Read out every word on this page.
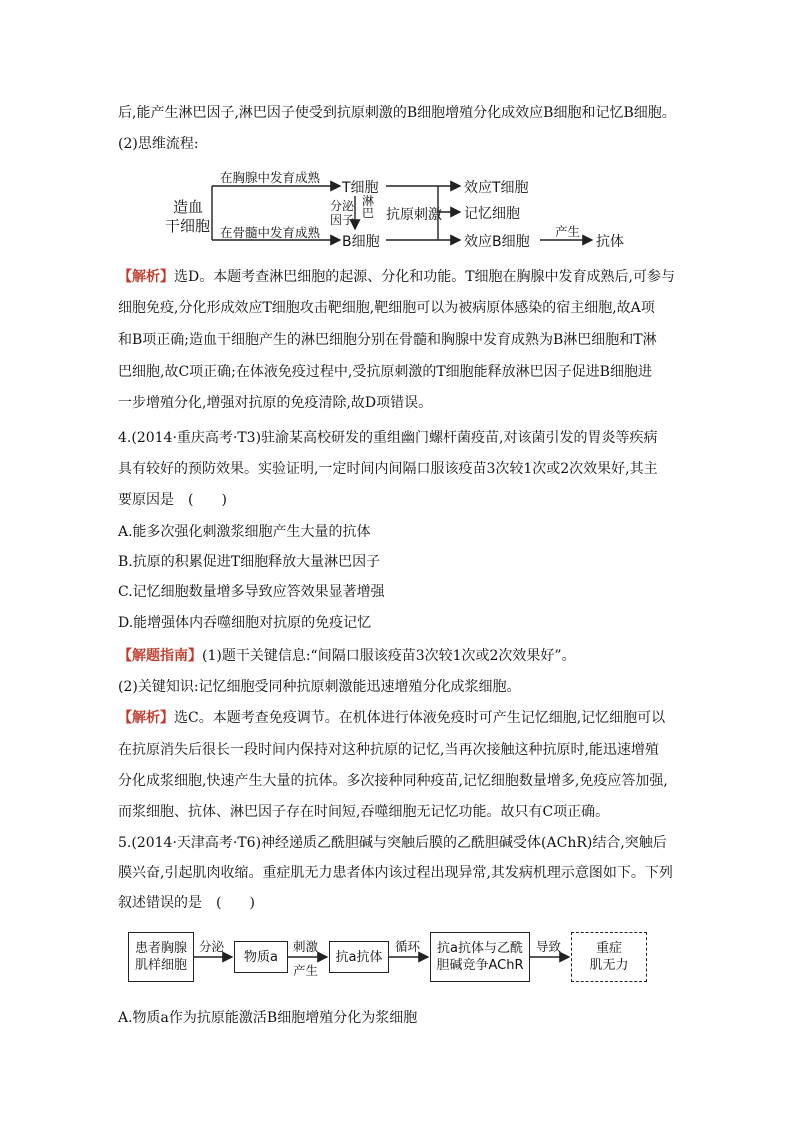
后,能产生淋巴因子,淋巴因子使受到抗原刺激的B细胞增殖分化成效应B细胞和记忆B细胞。
(2)思维流程:
造血
干细胞
在胸腺中发育成熟
在骨髓中发育成熟
T细胞
分泌
因子
淋巴
B细胞
抗原刺激
效应T细胞
记忆细胞
效应B细胞
产生
抗体
【解析】选D。本题考查淋巴细胞的起源、分化和功能。T细胞在胸腺中发育成熟后,可参与
细胞免疫,分化形成效应T细胞攻击靶细胞,靶细胞可以为被病原体感染的宿主细胞,故A项
和B项正确;造血干细胞产生的淋巴细胞分别在骨髓和胸腺中发育成熟为B淋巴细胞和T淋
巴细胞,故C项正确;在体液免疫过程中,受抗原刺激的T细胞能释放淋巴因子促进B细胞进
一步增殖分化,增强对抗原的免疫清除,故D项错误。
4.(2014·重庆高考·T3)驻渝某高校研发的重组幽门螺杆菌疫苗,对该菌引发的胃炎等疾病
具有较好的预防效果。实验证明,一定时间内间隔口服该疫苗3次较1次或2次效果好,其主
要原因是　(　　)
A.能多次强化刺激浆细胞产生大量的抗体
B.抗原的积累促进T细胞释放大量淋巴因子
C.记忆细胞数量增多导致应答效果显著增强
D.能增强体内吞噬细胞对抗原的免疫记忆
【解题指南】(1)题干关键信息:“间隔口服该疫苗3次较1次或2次效果好”。
(2)关键知识:记忆细胞受同种抗原刺激能迅速增殖分化成浆细胞。
【解析】选C。本题考查免疫调节。在机体进行体液免疫时可产生记忆细胞,记忆细胞可以
在抗原消失后很长一段时间内保持对这种抗原的记忆,当再次接触这种抗原时,能迅速增殖
分化成浆细胞,快速产生大量的抗体。多次接种同种疫苗,记忆细胞数量增多,免疫应答加强,
而浆细胞、抗体、淋巴因子存在时间短,吞噬细胞无记忆功能。故只有C项正确。
5.(2014·天津高考·T6)神经递质乙酰胆碱与突触后膜的乙酰胆碱受体(AChR)结合,突触后
膜兴奋,引起肌肉收缩。重症肌无力患者体内该过程出现异常,其发病机理示意图如下。下列
叙述错误的是　(　　)
患者胸腺
肌样细胞
分泌
物质a
刺激
产生
抗a抗体
循环 抗a抗体与乙酰
胆碱竞争AChR
导致	重症
肌无力
A.物质a作为抗原能激活B细胞增殖分化为浆细胞
